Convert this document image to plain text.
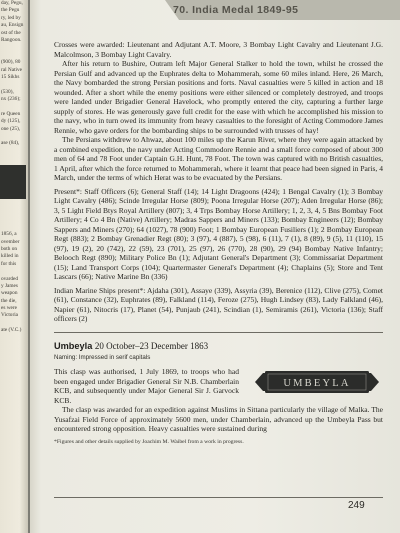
day, Pegu,
the Pegu
ry, led by
au, Ensign
ost of the
Rangoon.
(900), 80
ral Native
15 Sikhs
(530),
nx (236);
re Queen
dy (125),
one (25),
ase (84),
1856, a
ovember
both on
killed in
for this
ovarded
y James
weapon
the die,
es were
Victoria
ate (V.C.)
70. India Medal 1849-95

Crosses were awarded: Lieutenant and Adjutant A.T. Moore, 3 Bombay Light Cavalry and Lieutenant J.G. Malcolmson, 3 Bombay Light Cavalry.

After his return to Bushire, Outram left Major General Stalker to hold the town, whilst he crossed the Persian Gulf and advanced up the Euphrates delta to Mohammerah, some 60 miles inland. Here, 26 March, the Navy bombarded the strong Persian positions and forts. Naval casualties were 5 killed in action and 18 wounded. After a short while the enemy positions were either silenced or completely destroyed, and troops were landed under Brigadier General Havelock, who promptly entered the city, capturing a further large supply of stores. He was generously gave full credit for the ease with which he accomplished his mission to the navy, who in turn owed its immunity from heavy casualties to the foresight of Acting Commodore James Rennie, who gave orders for the bombarding ships to be surrounded with trusses of hay!

The Persians withdrew to Ahwaz, about 100 miles up the Karun River, where they were again attacked by a combined expedition, the navy under Acting Commodore Rennie and a small force composed of about 300 men of 64 and 78 Foot under Captain G.H. Hunt, 78 Foot. The town was captured with no British casualties, 1 April, after which the force returned to Mohammerah, where it learnt that peace had been signed in Paris, 4 March, under the terms of which Herat was to be evacuated by the Persians.

Present*: Staff Officers (6); General Staff (14); 14 Light Dragoons (424); 1 Bengal Cavalry (1); 3 Bombay Light Cavalry (486); Scinde Irregular Horse (809); Poona Irregular Horse (207); Aden Irregular Horse (86); 3, 5 Light Field Btys Royal Artillery (807); 3, 4 Trps Bombay Horse Artillery; 1, 2, 3, 4, 5 Bns Bombay Foot Artillery; 4 Co 4 Bn (Native) Artillery; Madras Sappers and Miners (133); Bombay Engineers (12); Bombay Sappers and Miners (270); 64 (1027), 78 (900) Foot; 1 Bombay European Fusiliers (1); 2 Bombay European Regt (883); 2 Bombay Grenadier Regt (80); 3 (97), 4 (887), 5 (98), 6 (11), 7 (1), 8 (89), 9 (5), 11 (110), 15 (97), 19 (2), 20 (742), 22 (59), 23 (701), 25 (97), 26 (770), 28 (90), 29 (94) Bombay Native Infantry; Belooch Regt (890); Military Police Bn (1); Adjutant General's Department (3); Commissariat Department (15); Land Transport Corps (104); Quartermaster General's Department (4); Chaplains (5); Store and Tent Lascars (66); Native Marine Bn (336)

Indian Marine Ships present*: Ajdaha (301), Assaye (339), Assyria (39), Berenice (112), Clive (275), Comet (61), Constance (32), Euphrates (89), Falkland (114), Feroze (275), Hugh Lindsey (83), Lady Falkland (46), Napier (61), Nitocris (17), Planet (54), Punjaub (241), Scindian (1), Semiramis (261), Victoria (136); Staff officers (2)

Umbeyla 20 October–23 December 1863
Naming: Impressed in serif capitals

This clasp was authorised, 1 July 1869, to troops who had been engaged under Brigadier General Sir N.B. Chamberlain KCB, and subsequently under Major General Sir J. Garvock KCB.

UMBEYLA

The clasp was awarded for an expedition against Muslims in Sittana particularly the village of Malka. The Yusafzai Field Force of approximately 5600 men, under Chamberlain, advanced up the Umbeyla Pass but encountered strong opposition. Heavy casualties were sustained during

*Figures and other details supplied by Joachim M. Waibel from a work in progress.
249
